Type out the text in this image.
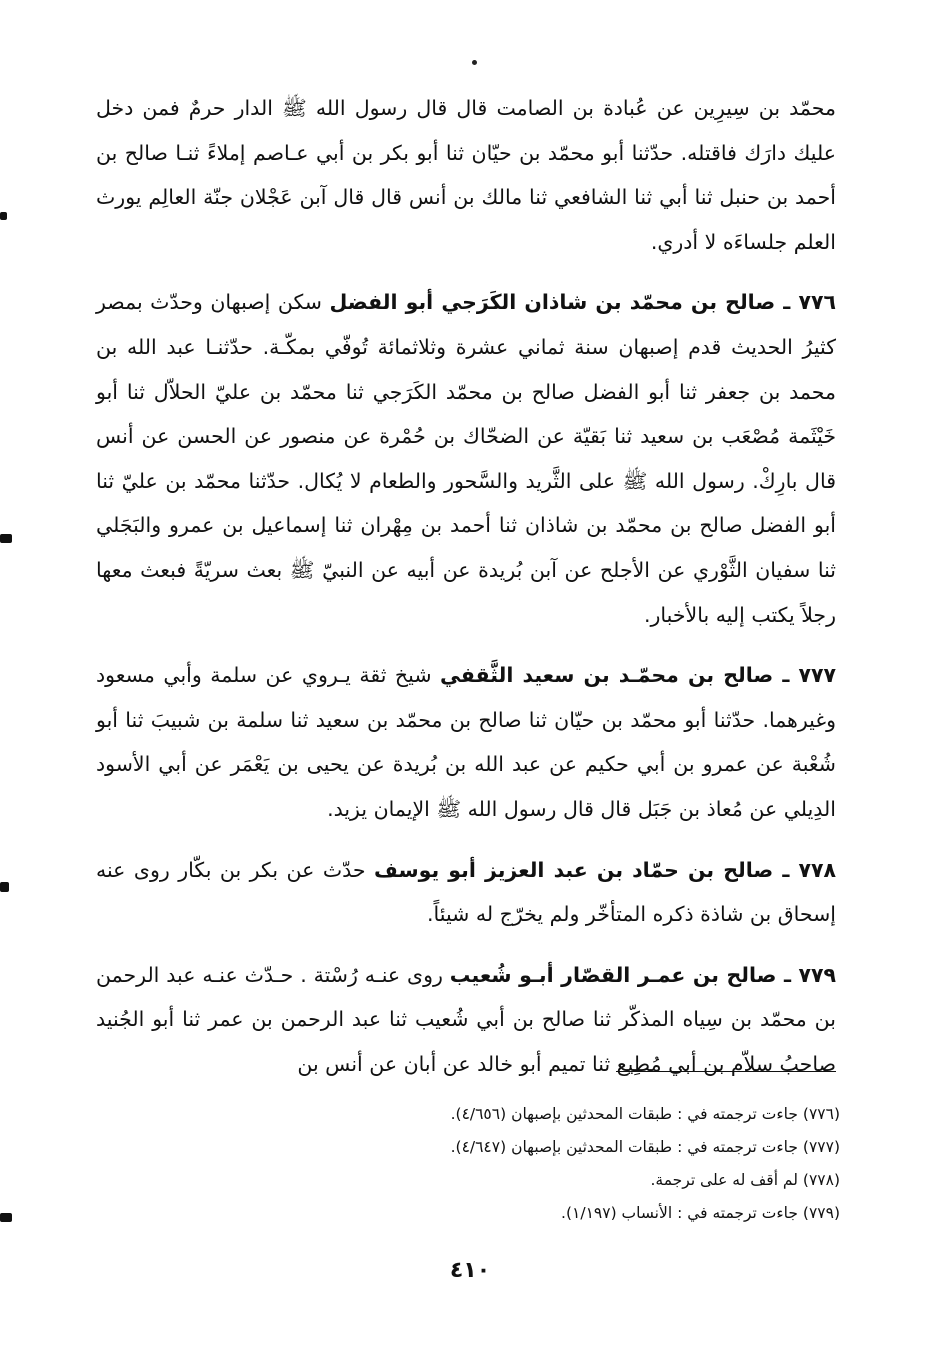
محمّد بن سِيرِين عن عُبادة بن الصامت قال قال رسول الله ﷺ الدار حرمٌ فمن دخل عليك دارَك فاقتله. حدّثنا أبو محمّد بن حيّان ثنا أبو بكر بن أبي عـاصم إملاءً ثنـا صالح بن أحمد بن حنبل ثنا أبي ثنا الشافعي ثنا مالك بن أنس قال قال آبن عَجْلان جنّة العالِم يورث العلم جلساءَه لا أدري.

٧٧٦ ـ صالح بن محمّد بن شاذان الكَرَجي أبو الفضل سكن إصبهان وحدّث بمصر كثيرُ الحديث قدم إصبهان سنة ثماني عشرة وثلاثمائة تُوفّي بمكّـة. حدّثنـا عبد الله بن محمد بن جعفر ثنا أبو الفضل صالح بن محمّد الكَرَجي ثنا محمّد بن عليّ الحلاّل ثنا أبو خَيْثَمة مُصْعَب بن سعيد ثنا بَقيّة عن الضحّاك بن حُمْرة عن منصور عن الحسن عن أنس قال بارِكْ. رسول الله ﷺ على الثَّريد والسَّحور والطعام لا يُكال. حدّثنا محمّد بن عليّ ثنا أبو الفضل صالح بن محمّد بن شاذان ثنا أحمد بن مِهْران ثنا إسماعيل بن عمرو والبَجَلي ثنا سفيان الثَّوْري عن الأجلح عن آبن بُريدة عن أبيه عن النبيّ ﷺ بعث سريّةً فبعث معها رجلاً يكتب إليه بالأخبار.

٧٧٧ ـ صالح بن محمّـد بن سعيد الثَّقفي شيخ ثقة يـروي عن سلمة وأبي مسعود وغيرهما. حدّثنا أبو محمّد بن حيّان ثنا صالح بن محمّد بن سعيد ثنا سلمة بن شبيبَ ثنا أبو شُعْبة عن عمرو بن أبي حكيم عن عبد الله بن بُريدة عن يحيى بن يَعْمَر عن أبي الأسود الدِيلي عن مُعاذ بن جَبَل قال قال رسول الله ﷺ الإيمان يزيد.

٧٧٨ ـ صالح بن حمّاد بن عبد العزيز أبو يوسف حدّث عن بكر بن بكّار روى عنه إسحاق بن شاذة ذكره المتأخّر ولم يخرّج له شيئاً.

٧٧٩ ـ صالح بن عمـر القصّار أبـو شُعيب روى عنـه رُسْتة . حـدّث عنـه عبد الرحمن بن محمّد بن سِياه المذكّر ثنا صالح بن أبي شُعيب ثنا عبد الرحمن بن عمر ثنا أبو الجُنيد صاحبُ سلاّم بن أبي مُطِيع ثنا تميم أبو خالد عن أبان عن أنس بن

(٧٧٦) جاءت ترجمته في : طبقات المحدثين بإصبهان (٤/٦٥٦).

(٧٧٧) جاءت ترجمته في : طبقات المحدثين بإصبهان (٤/٦٤٧).

(٧٧٨) لم أقف له على ترجمة.

(٧٧٩) جاءت ترجمته في : الأنساب (١/١٩٧).

٤١٠
